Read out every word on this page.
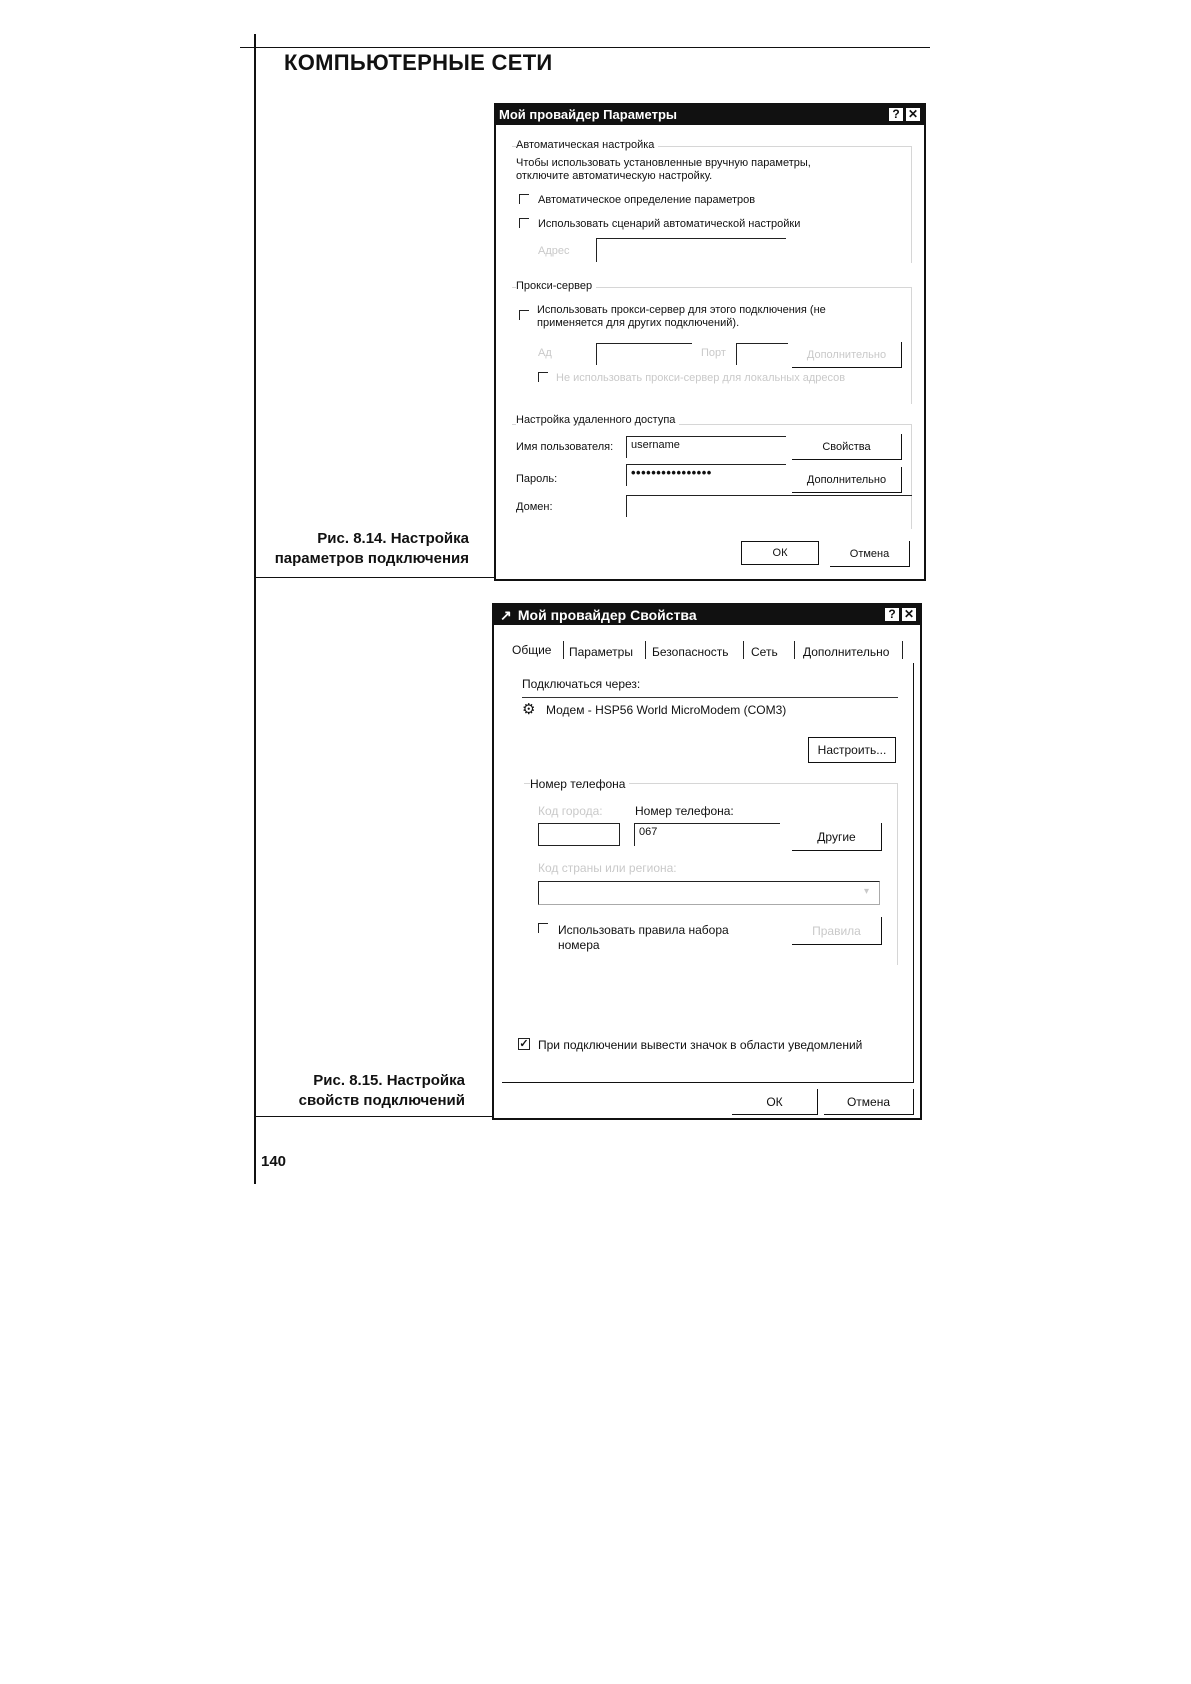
КОМПЬЮТЕРНЫЕ СЕТИ
Рис. 8.14. Настройка
параметров подключения
Рис. 8.15. Настройка
свойств подключений
140
Мой провайдер Параметры	? ✕
Автоматическая настройка
Чтобы использовать установленные вручную параметры,
отключите автоматическую настройку.
Автоматическое определение параметров
Использовать сценарий автоматической настройки
Адрес
Прокси-сервер
Использовать прокси-сервер для этого подключения (не
применяется для других подключений).
Ад	Порт	Дополнительно
Не использовать прокси-сервер для локальных адресов
Настройка удаленного доступа
Имя пользователя:	username	Свойства
Пароль:	••••••••••••••••	Дополнительно
Домен:
ОК	Отмена
↗ Мой провайдер Свойства	? ✕
Общие Параметры Безопасность Сеть Дополнительно
Подключаться через:
⚙ Модем - HSP56 World MicroModem (COM3)
Настроить...
Номер телефона
Код города:	Номер телефона:
067	Другие
Код страны или региона:
▾
Использовать правила набора
номера
Правила
✓ При подключении вывести значок в области уведомлений
ОК	Отмена
